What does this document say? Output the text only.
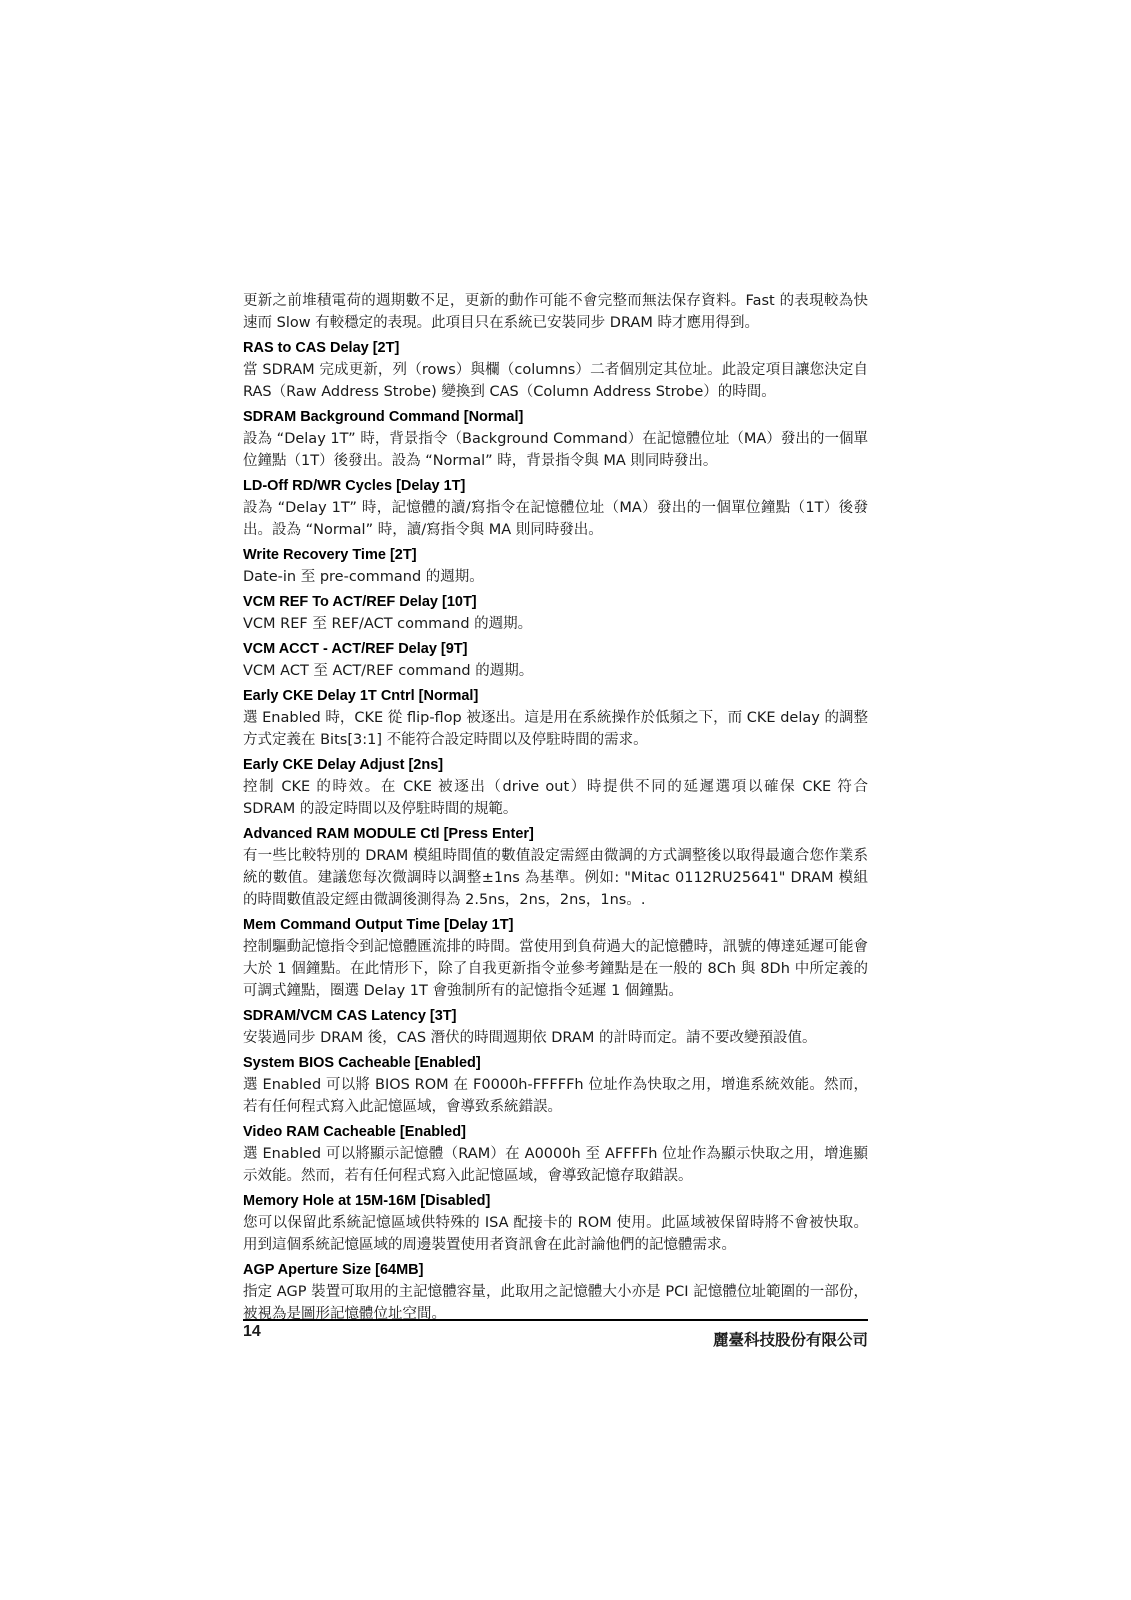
更新之前堆積電荷的週期數不足，更新的動作可能不會完整而無法保存資料。Fast 的表現較為快速而 Slow 有較穩定的表現。此項目只在系統已安裝同步 DRAM 時才應用得到。

RAS to CAS Delay [2T]

當 SDRAM 完成更新，列（rows）與欄（columns）二者個別定其位址。此設定項目讓您決定自 RAS（Raw Address Strobe) 變換到 CAS（Column Address Strobe）的時間。

SDRAM Background Command [Normal]

設為 “Delay 1T” 時，背景指令（Background Command）在記憶體位址（MA）發出的一個單位鐘點（1T）後發出。設為 “Normal” 時，背景指令與 MA 則同時發出。

LD-Off RD/WR Cycles [Delay 1T]

設為 “Delay 1T” 時，記憶體的讀/寫指令在記憶體位址（MA）發出的一個單位鐘點（1T）後發出。設為 “Normal” 時，讀/寫指令與 MA 則同時發出。

Write Recovery Time [2T]

Date-in 至 pre-command 的週期。

VCM REF To ACT/REF Delay [10T]

VCM REF 至 REF/ACT command 的週期。

VCM ACCT - ACT/REF Delay [9T]

VCM ACT 至 ACT/REF command 的週期。

Early CKE Delay 1T Cntrl [Normal]

選 Enabled 時，CKE 從 flip-flop 被逐出。這是用在系統操作於低頻之下，而 CKE delay 的調整方式定義在 Bits[3:1] 不能符合設定時間以及停駐時間的需求。

Early CKE Delay Adjust [2ns]

控制 CKE 的時效。在 CKE 被逐出（drive out）時提供不同的延遲選項以確保 CKE 符合 SDRAM 的設定時間以及停駐時間的規範。

Advanced RAM MODULE Ctl [Press Enter]

有一些比較特別的 DRAM 模組時間值的數值設定需經由微調的方式調整後以取得最適合您作業系統的數值。建議您每次微調時以調整±1ns 為基準。例如: "Mitac 0112RU25641" DRAM 模組的時間數值設定經由微調後測得為 2.5ns，2ns，2ns，1ns。.

Mem Command Output Time [Delay 1T]

控制驅動記憶指令到記憶體匯流排的時間。當使用到負荷過大的記憶體時，訊號的傳達延遲可能會大於 1 個鐘點。在此情形下，除了自我更新指令並參考鐘點是在一般的 8Ch 與 8Dh 中所定義的可調式鐘點，圈選 Delay 1T 會強制所有的記憶指令延遲 1 個鐘點。

SDRAM/VCM CAS Latency [3T]

安裝過同步 DRAM 後，CAS 潛伏的時間週期依 DRAM 的計時而定。請不要改變預設值。

System BIOS Cacheable [Enabled]

選 Enabled 可以將 BIOS ROM 在 F0000h-FFFFFh 位址作為快取之用，增進系統效能。然而，若有任何程式寫入此記憶區域，會導致系統錯誤。

Video RAM Cacheable [Enabled]

選 Enabled 可以將顯示記憶體（RAM）在 A0000h 至 AFFFFh 位址作為顯示快取之用，增進顯示效能。然而，若有任何程式寫入此記憶區域，會導致記憶存取錯誤。

Memory Hole at 15M-16M [Disabled]

您可以保留此系統記憶區域供特殊的 ISA 配接卡的 ROM 使用。此區域被保留時將不會被快取。用到這個系統記憶區域的周邊裝置使用者資訊會在此討論他們的記憶體需求。

AGP Aperture Size [64MB]

指定 AGP 裝置可取用的主記憶體容量，此取用之記憶體大小亦是 PCI 記憶體位址範圍的一部份，被視為是圖形記憶體位址空間。

14	麗臺科技股份有限公司
